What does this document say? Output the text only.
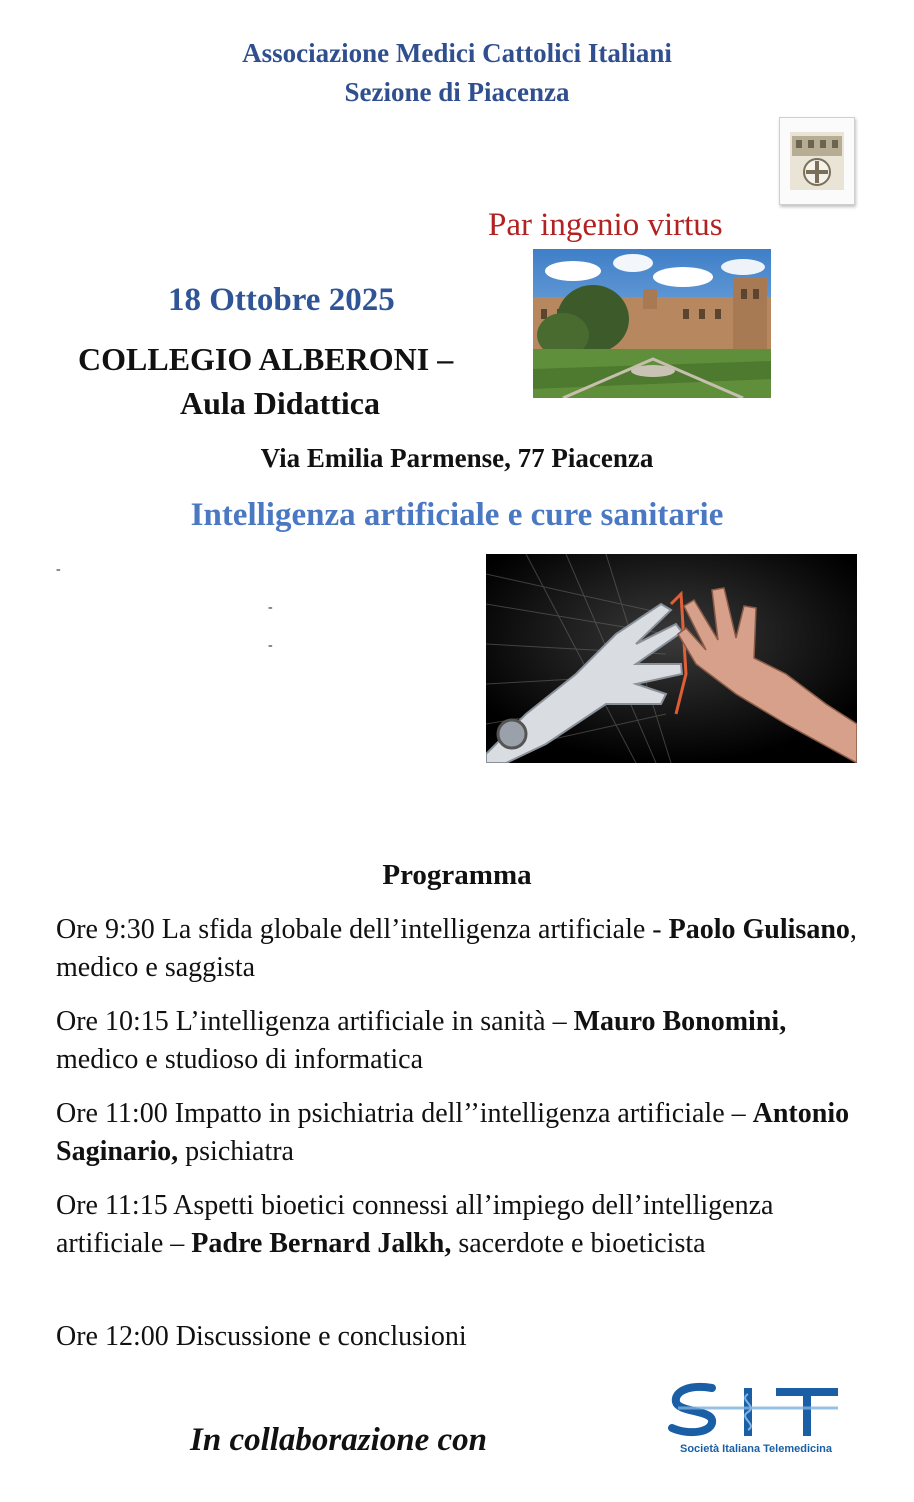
Associazione Medici Cattolici Italiani
Sezione di Piacenza
Par ingenio virtus
18 Ottobre 2025
COLLEGIO ALBERONI –
Aula Didattica
Via Emilia Parmense, 77 Piacenza
Intelligenza artificiale e cure sanitarie
-
-
-
Programma
Ore 9:30 La sfida globale dell’intelligenza artificiale - Paolo Gulisano, medico e saggista
Ore 10:15 L’intelligenza artificiale in sanità – Mauro Bonomini, medico e studioso di informatica
Ore 11:00 Impatto in psichiatria dell’’intelligenza artificiale – Antonio Saginario, psichiatra
Ore 11:15 Aspetti bioetici connessi all’impiego dell’intelligenza artificiale – Padre Bernard Jalkh, sacerdote e bioeticista
Ore 12:00 Discussione e conclusioni
In collaborazione con	Società Italiana Telemedicina
